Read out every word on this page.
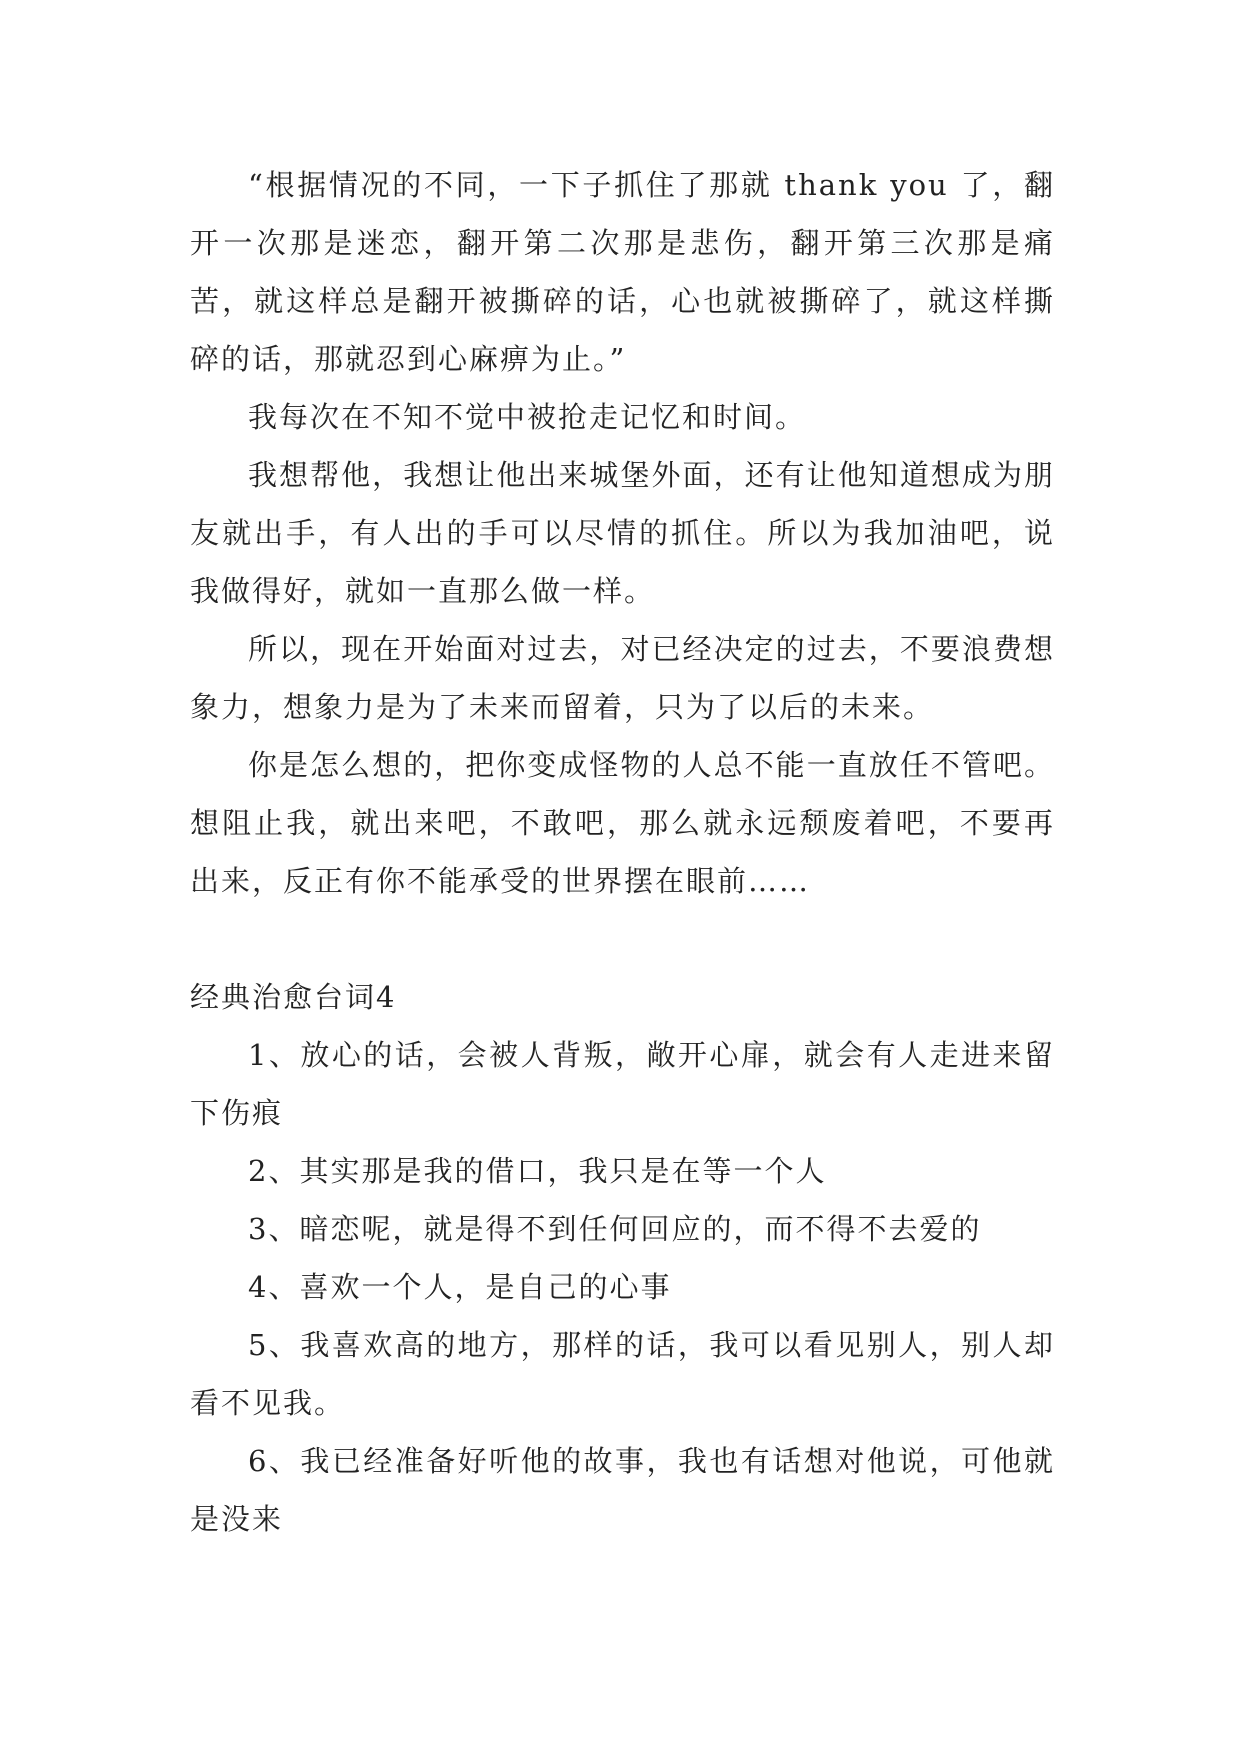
“根据情况的不同，一下子抓住了那就 thank you 了，翻开一次那是迷恋，翻开第二次那是悲伤，翻开第三次那是痛苦，就这样总是翻开被撕碎的话，心也就被撕碎了，就这样撕碎的话，那就忍到心麻痹为止。”

我每次在不知不觉中被抢走记忆和时间。

我想帮他，我想让他出来城堡外面，还有让他知道想成为朋友就出手，有人出的手可以尽情的抓住。所以为我加油吧，说我做得好，就如一直那么做一样。

所以，现在开始面对过去，对已经决定的过去，不要浪费想象力，想象力是为了未来而留着，只为了以后的未来。

你是怎么想的，把你变成怪物的人总不能一直放任不管吧。想阻止我，就出来吧，不敢吧，那么就永远颓废着吧，不要再出来，反正有你不能承受的世界摆在眼前……

经典治愈台词4

1、放心的话，会被人背叛，敞开心扉，就会有人走进来留下伤痕

2、其实那是我的借口，我只是在等一个人

3、暗恋呢，就是得不到任何回应的，而不得不去爱的

4、喜欢一个人，是自己的心事

5、我喜欢高的地方，那样的话，我可以看见别人，别人却看不见我。

6、我已经准备好听他的故事，我也有话想对他说，可他就是没来
